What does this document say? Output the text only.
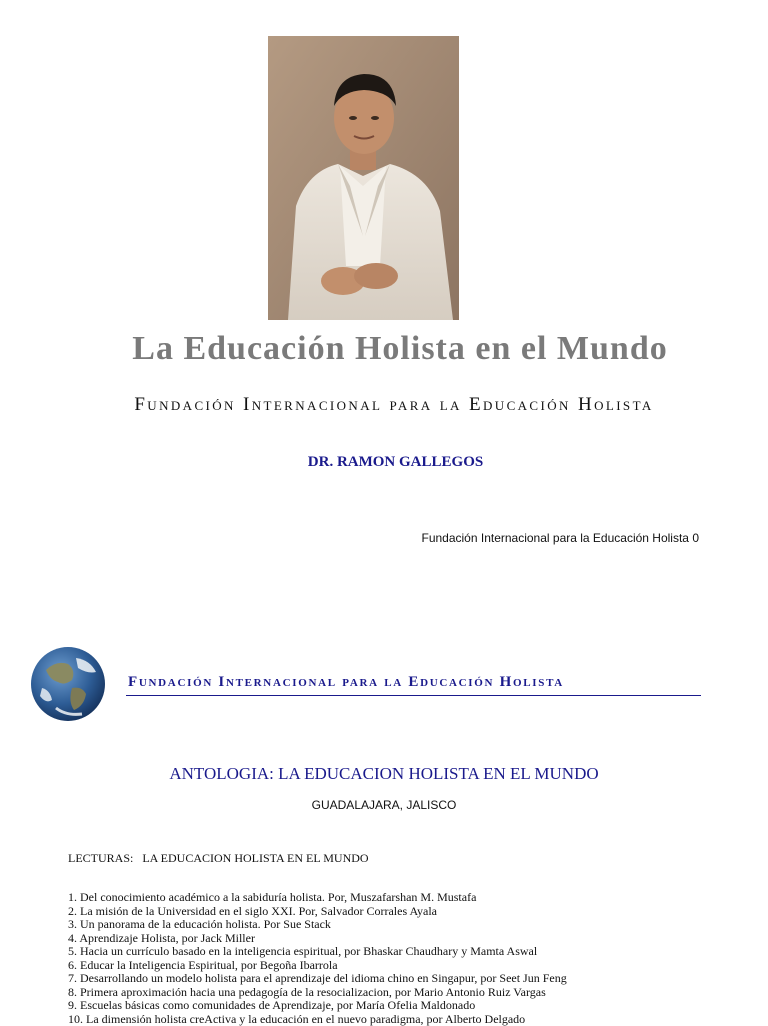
La Educación Holista en el Mundo
Fundación Internacional para la Educación Holista
DR. RAMON GALLEGOS
Fundación Internacional para la Educación Holista 0
Fundación Internacional para la Educación Holista
ANTOLOGIA: LA EDUCACION HOLISTA EN EL MUNDO
GUADALAJARA, JALISCO
LECTURAS:   LA EDUCACION HOLISTA EN EL MUNDO
1. Del conocimiento académico a la sabiduría holista. Por, Muszafarshan M. Mustafa
2. La misión de la Universidad en el siglo XXI. Por, Salvador Corrales Ayala
3. Un panorama de la educación holista. Por Sue Stack
4. Aprendizaje Holista, por Jack Miller
5. Hacia un currículo basado en la inteligencia espiritual, por Bhaskar Chaudhary y Mamta Aswal
6. Educar la Inteligencia Espiritual, por Begoña Ibarrola
7. Desarrollando un modelo holista para el aprendizaje del idioma chino en Singapur, por Seet Jun Feng
8. Primera aproximación hacia una pedagogía de la resocializacion, por Mario Antonio Ruiz Vargas
9. Escuelas básicas como comunidades de Aprendizaje, por María Ofelia Maldonado
10. La dimensión holista creActiva y la educación en el nuevo paradigma, por Alberto Delgado
